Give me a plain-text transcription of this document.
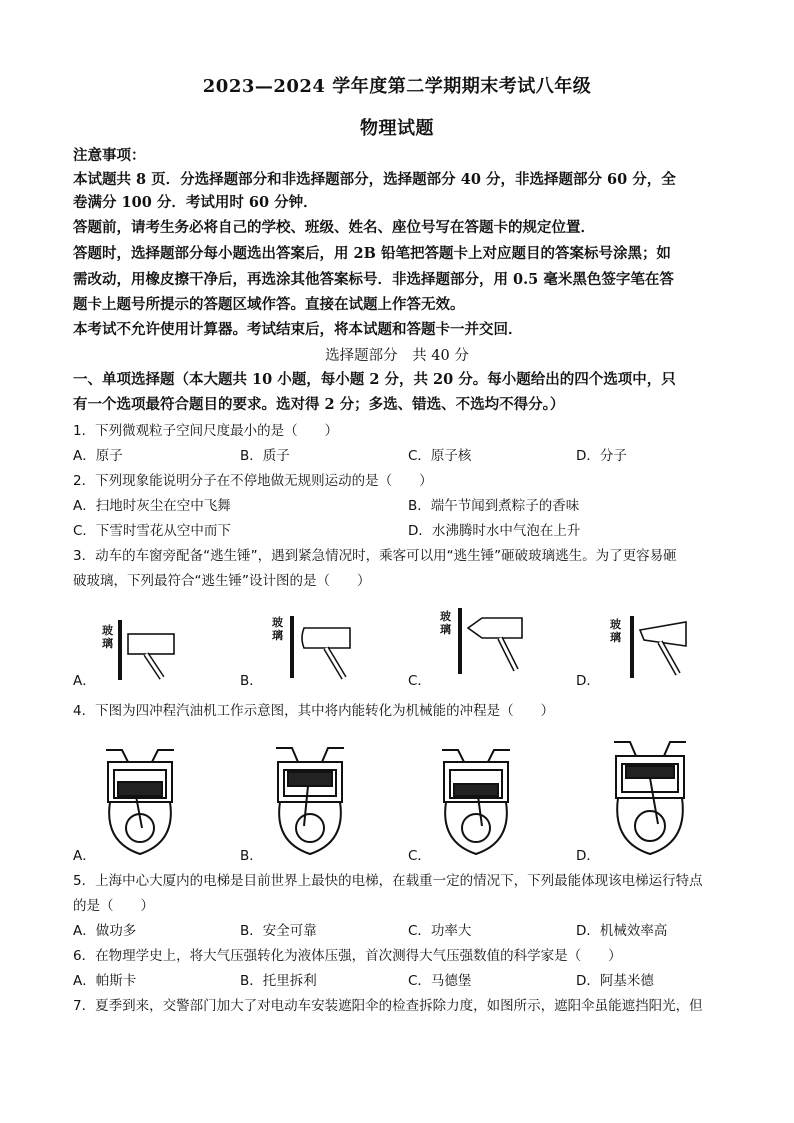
2023—2024 学年度第二学期期末考试八年级
物理试题
注意事项：
本试题共 8 页．分选择题部分和非选择题部分，选择题部分 40 分，非选择题部分 60 分，全
卷满分 100 分．考试用时 60 分钟．
答题前，请考生务必将自己的学校、班级、姓名、座位号写在答题卡的规定位置．
答题时，选择题部分每小题选出答案后，用 2B 铅笔把答题卡上对应题目的答案标号涂黑；如
需改动，用橡皮擦干净后，再选涂其他答案标号．非选择题部分，用 0.5 毫米黑色签字笔在答
题卡上题号所提示的答题区域作答。直接在试题上作答无效。
本考试不允许使用计算器。考试结束后，将本试题和答题卡一并交回．
选择题部分　共 40 分
一、单项选择题（本大题共 10 小题，每小题 2 分，共 20 分。每小题给出的四个选项中，只
有一个选项最符合题目的要求。选对得 2 分；多选、错选、不选均不得分。）
1．下列微观粒子空间尺度最小的是（　　）
A．原子	B．质子	C．原子核	D．分子
2．下列现象能说明分子在不停地做无规则运动的是（　　）
A．扫地时灰尘在空中飞舞	B．端午节闻到煮粽子的香味
C．下雪时雪花从空中而下	D．水沸腾时水中气泡在上升
3．动车的车窗旁配备“逃生锤”，遇到紧急情况时，乘客可以用“逃生锤”砸破玻璃逃生。为了更容易砸
破玻璃，下列最符合“逃生锤”设计图的是（　　）
玻
璃
玻
璃
玻
璃	玻
璃
A．	B．	C．	D．
4．下图为四冲程汽油机工作示意图，其中将内能转化为机械能的冲程是（　　）
A．	B．	C．	D．
5．上海中心大厦内的电梯是目前世界上最快的电梯，在载重一定的情况下，下列最能体现该电梯运行特点
的是（　　）
A．做功多	B．安全可靠	C．功率大	D．机械效率高
6．在物理学史上，将大气压强转化为液体压强，首次测得大气压强数值的科学家是（　　）
A．帕斯卡	B．托里拆利	C．马德堡	D．阿基米德
7．夏季到来，交警部门加大了对电动车安装遮阳伞的检查拆除力度，如图所示，遮阳伞虽能遮挡阳光，但
